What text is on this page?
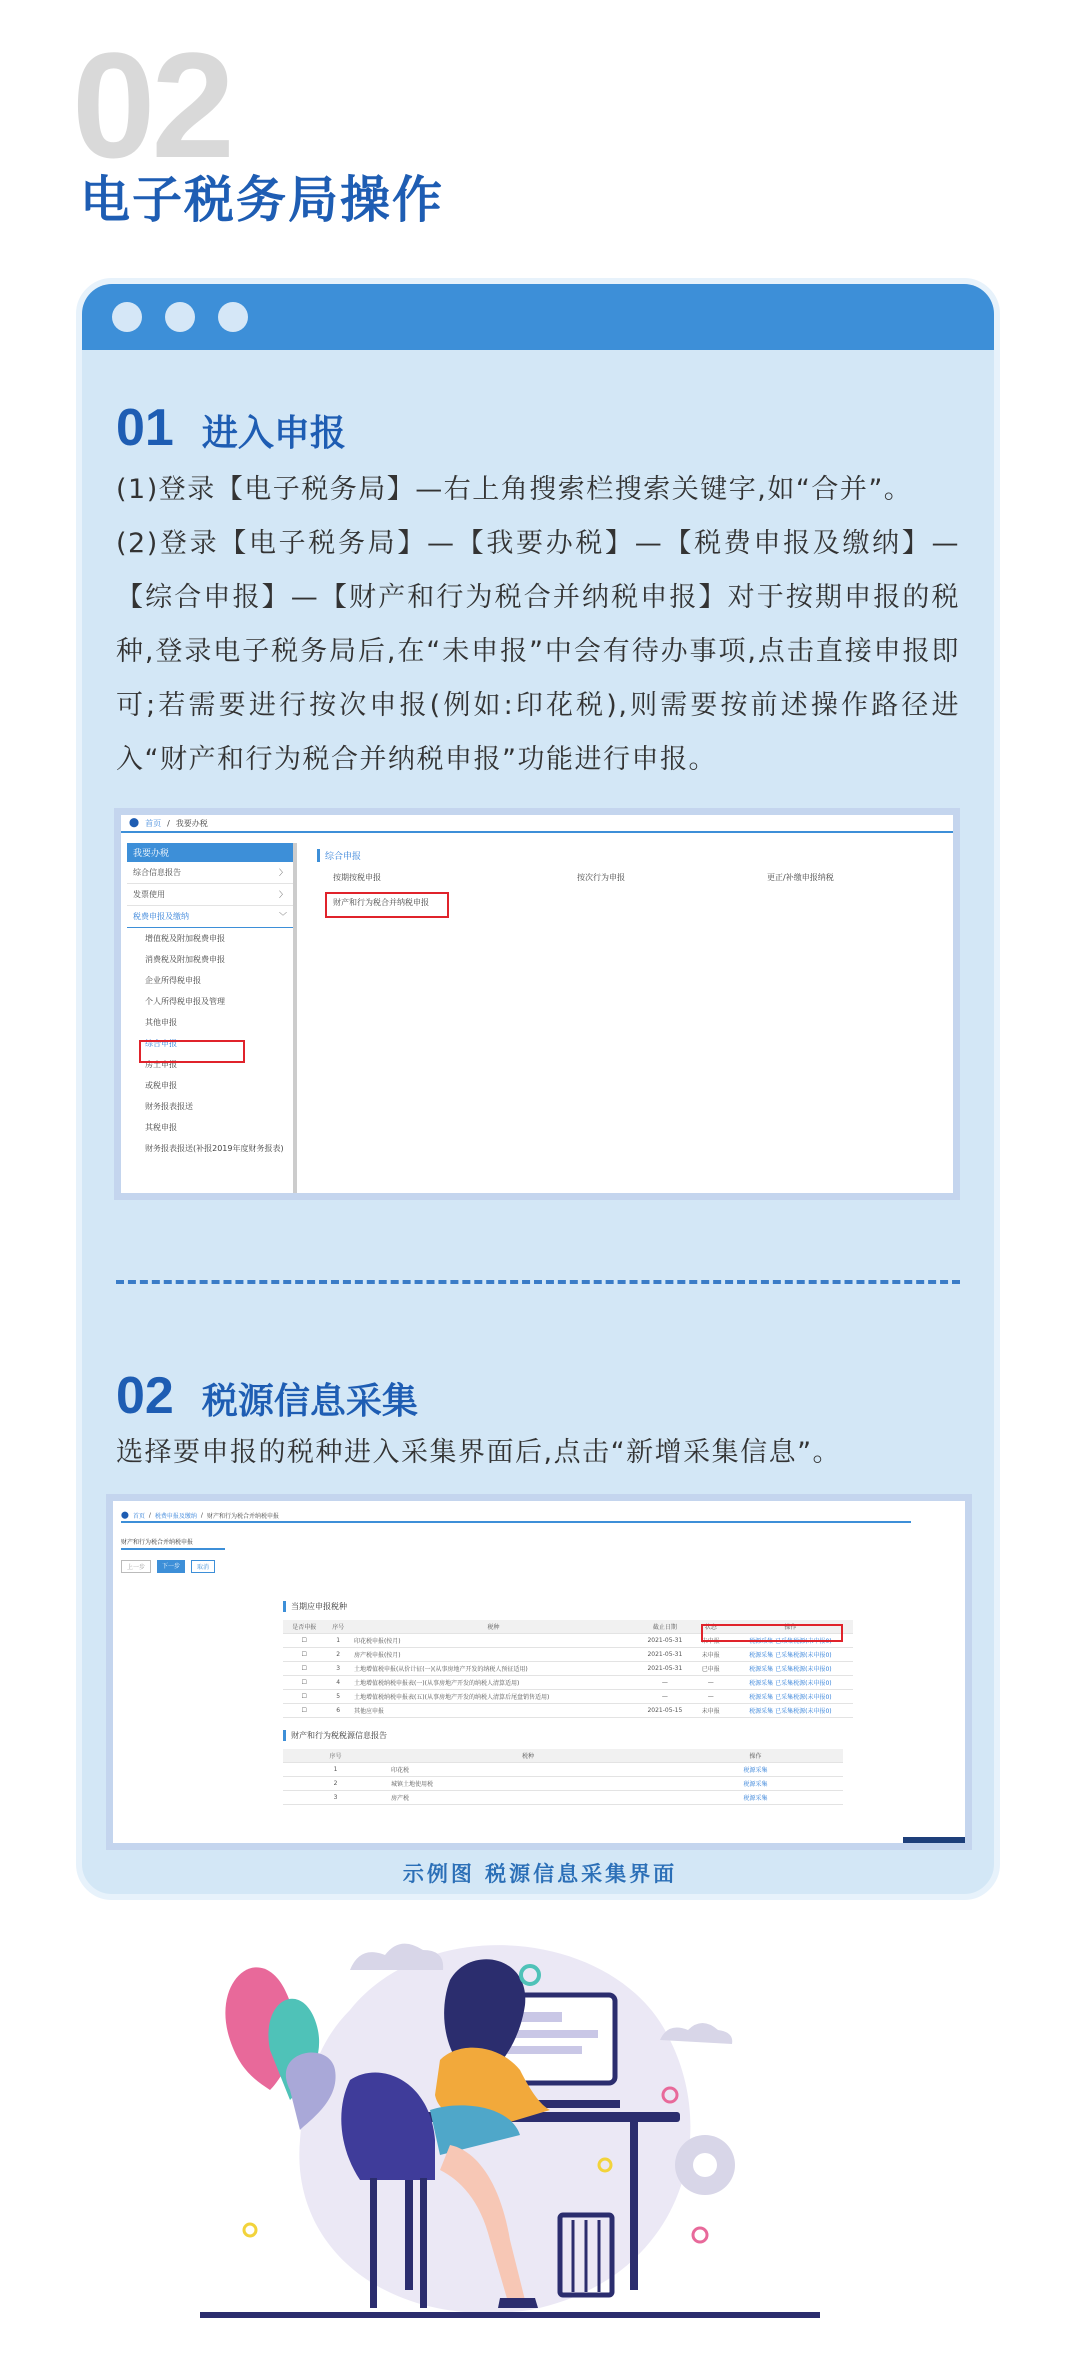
02
电子税务局操作
01 进入申报

(1)登录【电子税务局】—右上角搜索栏搜索关键字,如“合并”。

(2)登录【电子税务局】—【我要办税】—【税费申报及缴纳】—【综合申报】—【财产和行为税合并纳税申报】对于按期申报的税种,登录电子税务局后,在“未申报”中会有待办事项,点击直接申报即可;若需要进行按次申报(例如:印花税),则需要按前述操作路径进入“财产和行为税合并纳税申报”功能进行申报。

⬤ 首页 / 我要办税
我要办税
综合信息报告	〉
发票使用	〉
税费申报及缴纳	﹀
增值税及附加税费申报
消费税及附加税费申报
企业所得税申报
个人所得税申报及管理
其他申报
综合申报
房土申报
或税申报
财务报表报送
其税申报
财务报表报送(补报2019年度财务报表)
综合申报
按期按税申报	按次行为申报	更正/补缴申报纳税
财产和行为税合并纳税申报
02 税源信息采集

选择要申报的税种进入采集界面后,点击“新增采集信息”。

⬤ 首页 / 税费申报及缴纳 / 财产和行为税合并纳税申报
财产和行为税合并纳税申报
上一步	下一步	取消
当期应申报税种
是否申报	序号	税种	截止日期	状态	操作
☐	1	印花税申报(按月)	2021-05-31	未申报	税源采集 已采集税源(未申报0)
☐	2	房产税申报(按月)	2021-05-31	未申报	税源采集 已采集税源(未申报0)
☐	3	土地增值税申报(从价计征(一)(从事房地产开发的纳税人预征适用)	2021-05-31	已申报	税源采集 已采集税源(未申报0)
☐	4	土地增值税纳税申报表(一)(从事房地产开发的纳税人清算适用)	—	—	税源采集 已采集税源(未申报0)
☐	5	土地增值税纳税申报表(五)(从事房地产开发的纳税人清算后尾盘销售适用)	—	—	税源采集 已采集税源(未申报0)
☐	6	其他应申报	2021-05-15	未申报	税源采集 已采集税源(未申报0)
财产和行为税税源信息报告
序号	税种	操作
1	印花税	税源采集
2	城镇土地使用税	税源采集
3	房产税	税源采集
示例图 税源信息采集界面
